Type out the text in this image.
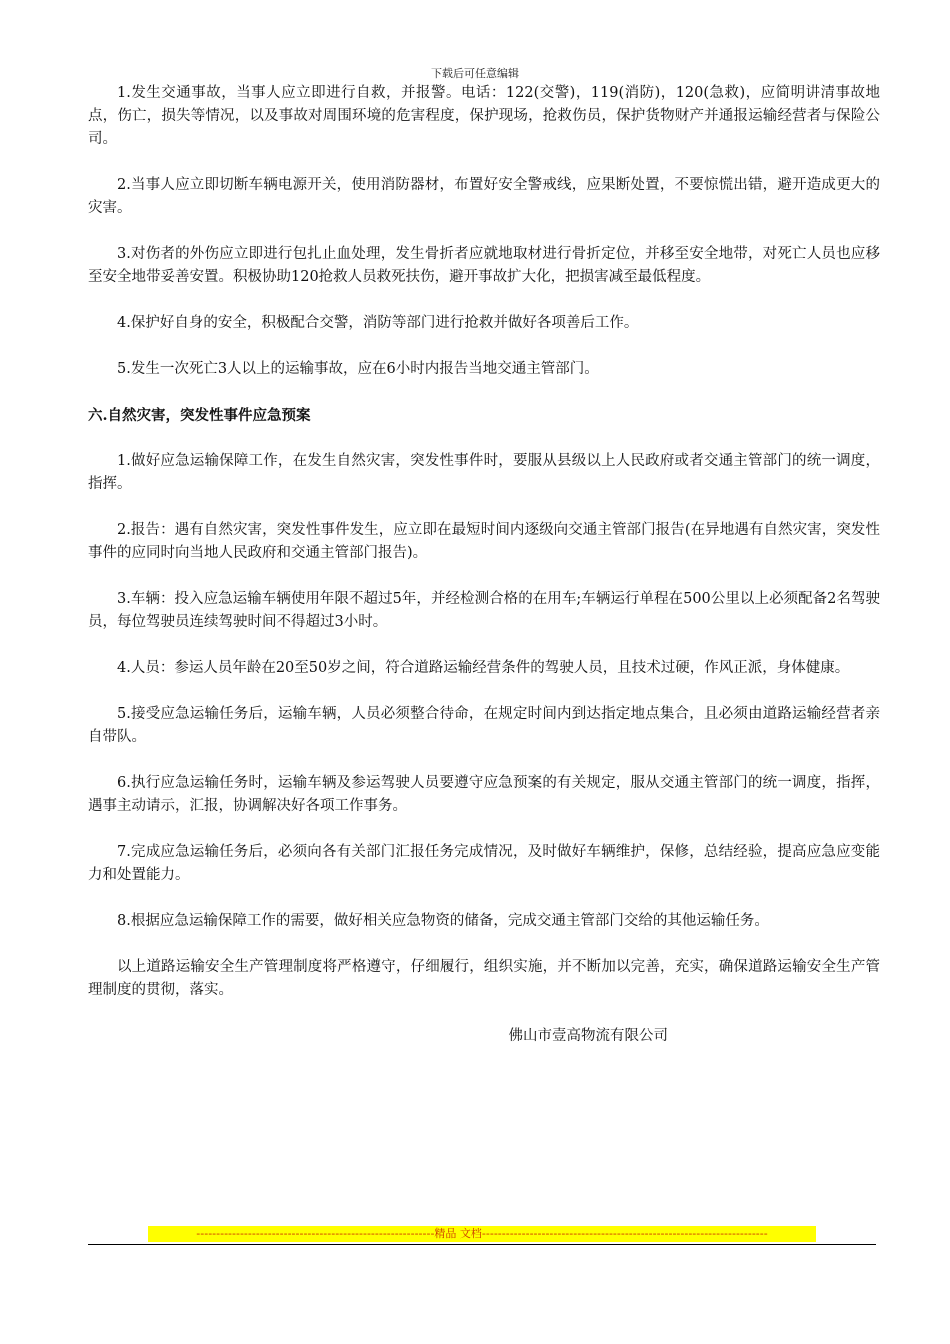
下载后可任意编辑

1.发生交通事故，当事人应立即进行自救，并报警。电话：122(交警)，119(消防)，120(急救)，应简明讲清事故地点，伤亡，损失等情况，以及事故对周围环境的危害程度，保护现场，抢救伤员，保护货物财产并通报运输经营者与保险公司。

2.当事人应立即切断车辆电源开关，使用消防器材，布置好安全警戒线，应果断处置，不要惊慌出错，避开造成更大的灾害。

3.对伤者的外伤应立即进行包扎止血处理，发生骨折者应就地取材进行骨折定位，并移至安全地带，对死亡人员也应移至安全地带妥善安置。积极协助120抢救人员救死扶伤，避开事故扩大化，把损害减至最低程度。

4.保护好自身的安全，积极配合交警，消防等部门进行抢救并做好各项善后工作。

5.发生一次死亡3人以上的运输事故，应在6小时内报告当地交通主管部门。

六.自然灾害，突发性事件应急预案

1.做好应急运输保障工作，在发生自然灾害，突发性事件时，要服从县级以上人民政府或者交通主管部门的统一调度，指挥。

2.报告：遇有自然灾害，突发性事件发生，应立即在最短时间内逐级向交通主管部门报告(在异地遇有自然灾害，突发性事件的应同时向当地人民政府和交通主管部门报告)。

3.车辆：投入应急运输车辆使用年限不超过5年，并经检测合格的在用车;车辆运行单程在500公里以上必须配备2名驾驶员，每位驾驶员连续驾驶时间不得超过3小时。

4.人员：参运人员年龄在20至50岁之间，符合道路运输经营条件的驾驶人员，且技术过硬，作风正派，身体健康。

5.接受应急运输任务后，运输车辆，人员必须整合待命，在规定时间内到达指定地点集合，且必须由道路运输经营者亲自带队。

6.执行应急运输任务时，运输车辆及参运驾驶人员要遵守应急预案的有关规定，服从交通主管部门的统一调度，指挥，遇事主动请示，汇报，协调解决好各项工作事务。

7.完成应急运输任务后，必须向各有关部门汇报任务完成情况，及时做好车辆维护，保修，总结经验，提高应急应变能力和处置能力。

8.根据应急运输保障工作的需要，做好相关应急物资的储备，完成交通主管部门交给的其他运输任务。

以上道路运输安全生产管理制度将严格遵守，仔细履行，组织实施，并不断加以完善，充实，确保道路运输安全生产管理制度的贯彻，落实。

佛山市壹高物流有限公司

------------------------------------------------------------精品 文档------------------------------------------------------------------------
